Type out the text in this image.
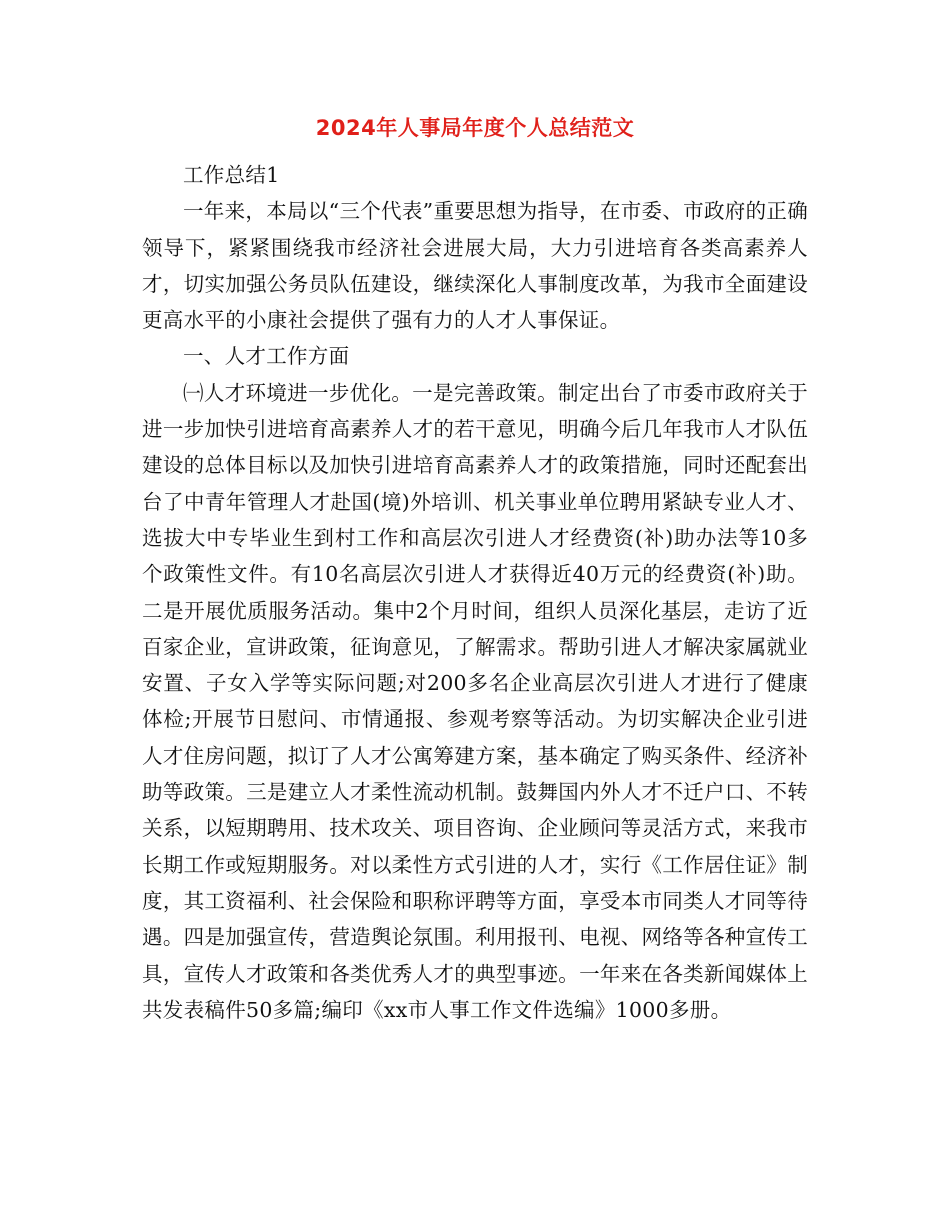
2024年人事局年度个人总结范文

工作总结1

一年来，本局以“三个代表”重要思想为指导，在市委、市政府的正确领导下，紧紧围绕我市经济社会进展大局，大力引进培育各类高素养人才，切实加强公务员队伍建设，继续深化人事制度改革，为我市全面建设更高水平的小康社会提供了强有力的人才人事保证。

一、人才工作方面

㈠人才环境进一步优化。一是完善政策。制定出台了市委市政府关于进一步加快引进培育高素养人才的若干意见，明确今后几年我市人才队伍建设的总体目标以及加快引进培育高素养人才的政策措施，同时还配套出台了中青年管理人才赴国(境)外培训、机关事业单位聘用紧缺专业人才、选拔大中专毕业生到村工作和高层次引进人才经费资(补)助办法等10多个政策性文件。有10名高层次引进人才获得近40万元的经费资(补)助。二是开展优质服务活动。集中2个月时间，组织人员深化基层，走访了近百家企业，宣讲政策，征询意见，了解需求。帮助引进人才解决家属就业安置、子女入学等实际问题;对200多名企业高层次引进人才进行了健康体检;开展节日慰问、市情通报、参观考察等活动。为切实解决企业引进人才住房问题，拟订了人才公寓筹建方案，基本确定了购买条件、经济补助等政策。三是建立人才柔性流动机制。鼓舞国内外人才不迁户口、不转关系，以短期聘用、技术攻关、项目咨询、企业顾问等灵活方式，来我市长期工作或短期服务。对以柔性方式引进的人才，实行《工作居住证》制度，其工资福利、社会保险和职称评聘等方面，享受本市同类人才同等待遇。四是加强宣传，营造舆论氛围。利用报刊、电视、网络等各种宣传工具，宣传人才政策和各类优秀人才的典型事迹。一年来在各类新闻媒体上共发表稿件50多篇;编印《xx市人事工作文件选编》1000多册。
